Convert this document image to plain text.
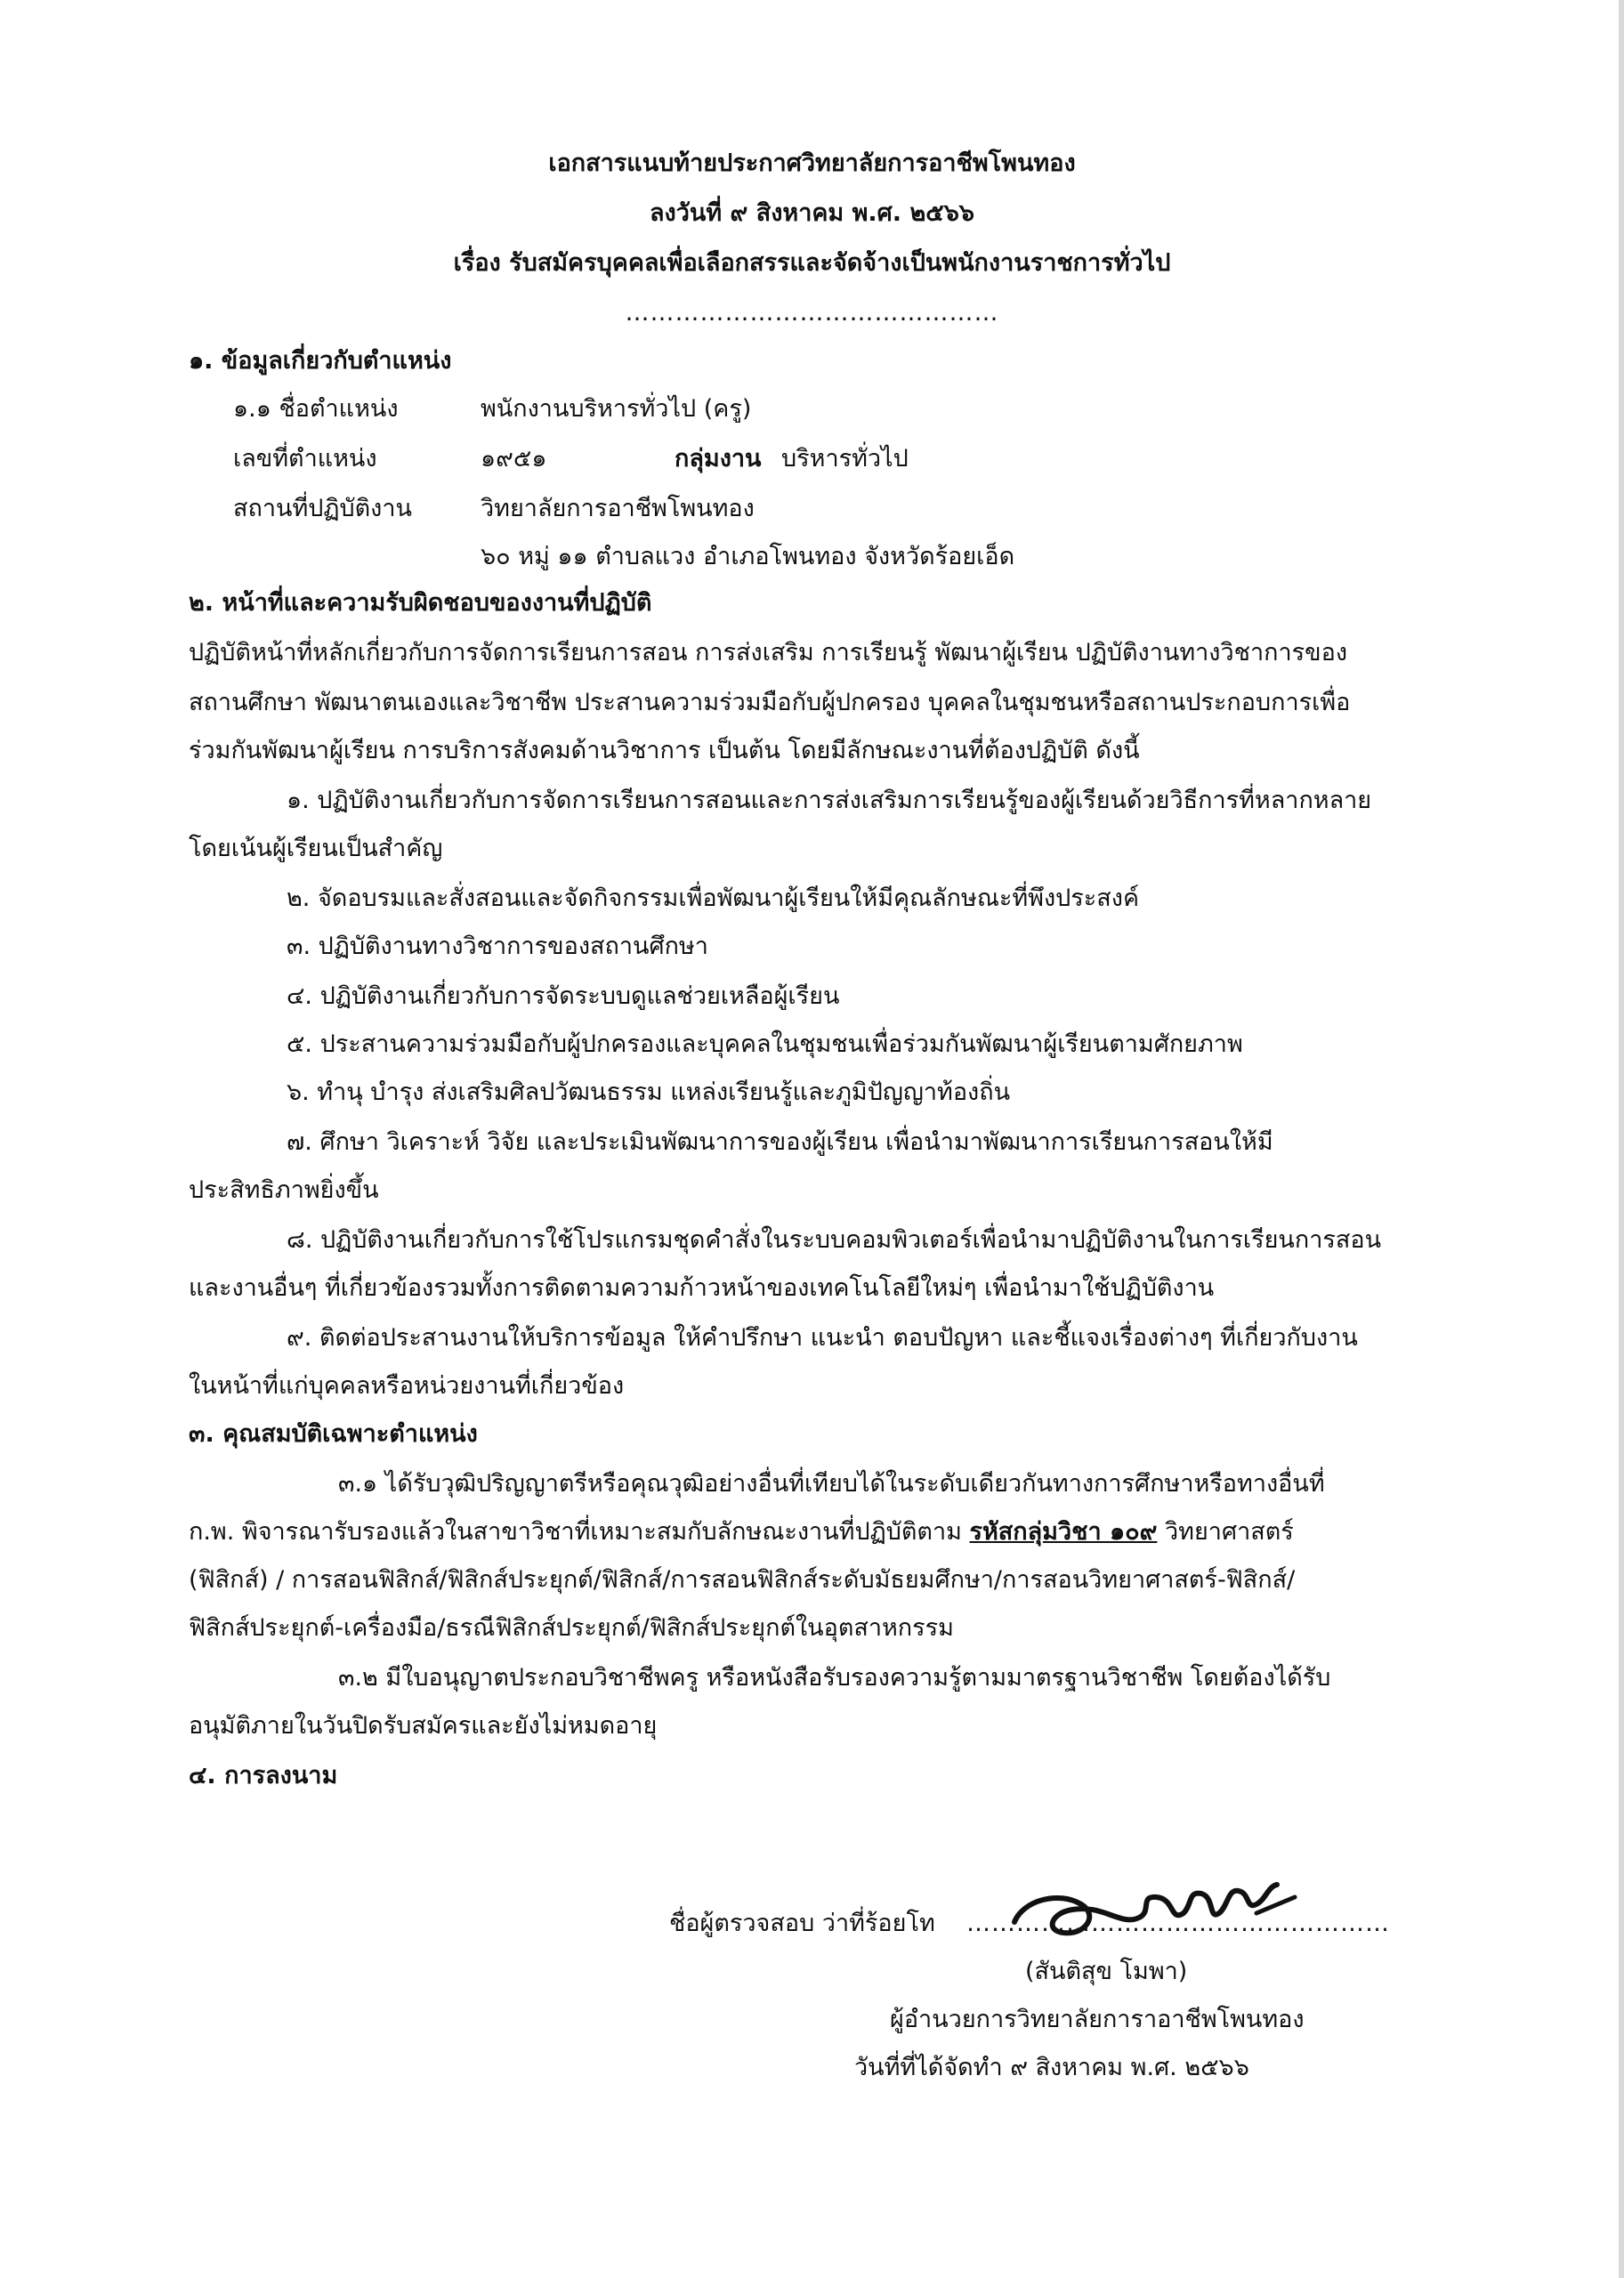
เอกสารแนบท้ายประกาศวิทยาลัยการอาชีพโพนทอง
ลงวันที่ ๙ สิงหาคม พ.ศ. ๒๕๖๖
เรื่อง รับสมัครบุคคลเพื่อเลือกสรรและจัดจ้างเป็นพนักงานราชการทั่วไป
………………………………………
๑. ข้อมูลเกี่ยวกับตำแหน่ง
๑.๑ ชื่อตำแหน่ง	พนักงานบริหารทั่วไป (ครู)
เลขที่ตำแหน่ง	๑๙๕๑	กลุ่มงาน บริหารทั่วไป
สถานที่ปฏิบัติงาน	วิทยาลัยการอาชีพโพนทอง
๖๐ หมู่ ๑๑ ตำบลแวง อำเภอโพนทอง จังหวัดร้อยเอ็ด
๒. หน้าที่และความรับผิดชอบของงานที่ปฏิบัติ
ปฏิบัติหน้าที่หลักเกี่ยวกับการจัดการเรียนการสอน การส่งเสริม การเรียนรู้ พัฒนาผู้เรียน ปฏิบัติงานทางวิชาการของ
สถานศึกษา พัฒนาตนเองและวิชาชีพ ประสานความร่วมมือกับผู้ปกครอง บุคคลในชุมชนหรือสถานประกอบการเพื่อ
ร่วมกันพัฒนาผู้เรียน การบริการสังคมด้านวิชาการ เป็นต้น โดยมีลักษณะงานที่ต้องปฏิบัติ ดังนี้
๑. ปฏิบัติงานเกี่ยวกับการจัดการเรียนการสอนและการส่งเสริมการเรียนรู้ของผู้เรียนด้วยวิธีการที่หลากหลาย
โดยเน้นผู้เรียนเป็นสำคัญ
๒. จัดอบรมและสั่งสอนและจัดกิจกรรมเพื่อพัฒนาผู้เรียนให้มีคุณลักษณะที่พึงประสงค์
๓. ปฏิบัติงานทางวิชาการของสถานศึกษา
๔. ปฏิบัติงานเกี่ยวกับการจัดระบบดูแลช่วยเหลือผู้เรียน
๕. ประสานความร่วมมือกับผู้ปกครองและบุคคลในชุมชนเพื่อร่วมกันพัฒนาผู้เรียนตามศักยภาพ
๖. ทำนุ บำรุง ส่งเสริมศิลปวัฒนธรรม แหล่งเรียนรู้และภูมิปัญญาท้องถิ่น
๗. ศึกษา วิเคราะห์ วิจัย และประเมินพัฒนาการของผู้เรียน เพื่อนำมาพัฒนาการเรียนการสอนให้มี
ประสิทธิภาพยิ่งขึ้น
๘. ปฏิบัติงานเกี่ยวกับการใช้โปรแกรมชุดคำสั่งในระบบคอมพิวเตอร์เพื่อนำมาปฏิบัติงานในการเรียนการสอน
และงานอื่นๆ ที่เกี่ยวข้องรวมทั้งการติดตามความก้าวหน้าของเทคโนโลยีใหม่ๆ เพื่อนำมาใช้ปฏิบัติงาน
๙. ติดต่อประสานงานให้บริการข้อมูล ให้คำปรึกษา แนะนำ ตอบปัญหา และชี้แจงเรื่องต่างๆ ที่เกี่ยวกับงาน
ในหน้าที่แก่บุคคลหรือหน่วยงานที่เกี่ยวข้อง
๓. คุณสมบัติเฉพาะตำแหน่ง
๓.๑ ได้รับวุฒิปริญญาตรีหรือคุณวุฒิอย่างอื่นที่เทียบได้ในระดับเดียวกันทางการศึกษาหรือทางอื่นที่
ก.พ. พิจารณารับรองแล้วในสาขาวิชาที่เหมาะสมกับลักษณะงานที่ปฏิบัติตาม รหัสกลุ่มวิชา ๑๐๙ วิทยาศาสตร์
(ฟิสิกส์) / การสอนฟิสิกส์/ฟิสิกส์ประยุกต์/ฟิสิกส์/การสอนฟิสิกส์ระดับมัธยมศึกษา/การสอนวิทยาศาสตร์-ฟิสิกส์/
ฟิสิกส์ประยุกต์-เครื่องมือ/ธรณีฟิสิกส์ประยุกต์/ฟิสิกส์ประยุกต์ในอุตสาหกรรม
๓.๒ มีใบอนุญาตประกอบวิชาชีพครู หรือหนังสือรับรองความรู้ตามมาตรฐานวิชาชีพ โดยต้องได้รับ
อนุมัติภายในวันปิดรับสมัครและยังไม่หมดอายุ
๔. การลงนาม
ชื่อผู้ตรวจสอบ ว่าที่ร้อยโท ……………………………………………
(สันติสุข โมพา)
ผู้อำนวยการวิทยาลัยการาอาชีพโพนทอง
วันที่ที่ได้จัดทำ ๙ สิงหาคม พ.ศ. ๒๕๖๖
